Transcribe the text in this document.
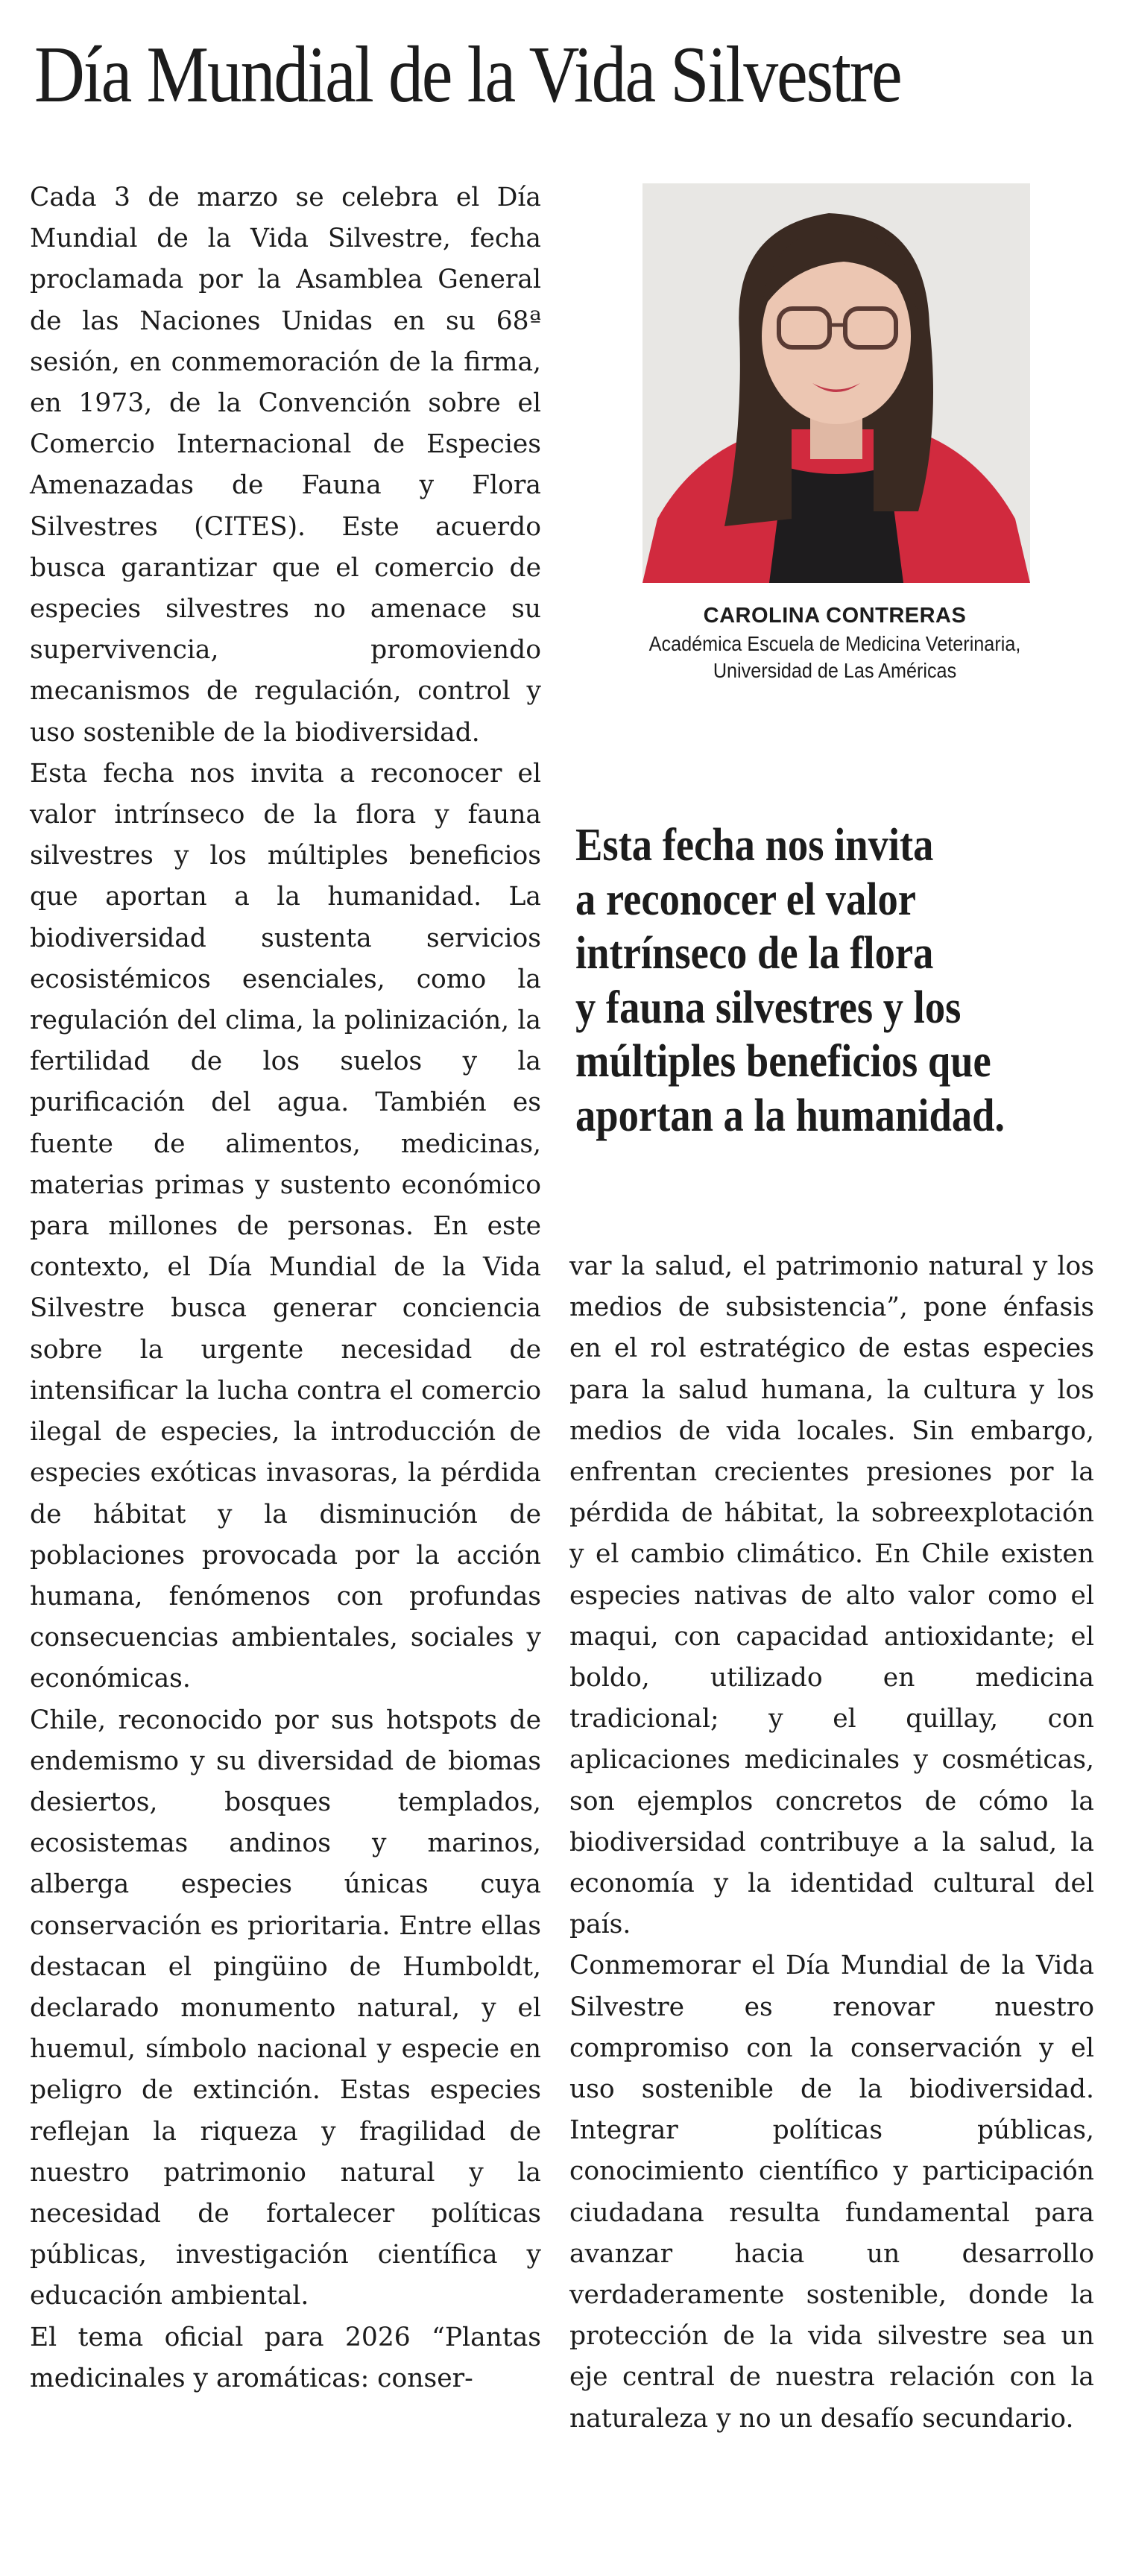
Día Mundial de la Vida Silvestre

Cada 3 de marzo se celebra el Día Mundial de la Vida Silvestre, fecha proclamada por la Asamblea General de las Naciones Unidas en su 68ª sesión, en conmemoración de la firma, en 1973, de la Convención sobre el Comercio Internacional de Especies Amenazadas de Fauna y Flora Silvestres (CITES). Este acuerdo busca garantizar que el comercio de especies silvestres no amenace su supervivencia, promoviendo mecanismos de regulación, control y uso sostenible de la biodiversidad.

Esta fecha nos invita a reconocer el valor intrínseco de la flora y fauna silvestres y los múltiples beneficios que aportan a la humanidad. La biodiversidad sustenta servicios ecosistémicos esenciales, como la regulación del clima, la polinización, la fertilidad de los suelos y la purificación del agua. También es fuente de alimentos, medicinas, materias primas y sustento económico para millones de personas. En este contexto, el Día Mundial de la Vida Silvestre busca generar conciencia sobre la urgente necesidad de intensificar la lucha contra el comercio ilegal de especies, la introducción de especies exóticas invasoras, la pérdida de hábitat y la disminución de poblaciones provocada por la acción humana, fenómenos con profundas consecuencias ambientales, sociales y económicas.

Chile, reconocido por sus hotspots de endemismo y su diversidad de biomas desiertos, bosques templados, ecosistemas andinos y marinos, alberga especies únicas cuya conservación es prioritaria. Entre ellas destacan el pingüino de Humboldt, declarado monumento natural, y el huemul, símbolo nacional y especie en peligro de extinción. Estas especies reflejan la riqueza y fragilidad de nuestro patrimonio natural y la necesidad de fortalecer políticas públicas, investigación científica y educación ambiental.

El tema oficial para 2026 “Plantas medicinales y aromáticas: conser-

CAROLINA CONTRERAS
Académica Escuela de Medicina Veterinaria,
Universidad de Las Américas
Esta fecha nos invita
a reconocer el valor
intrínseco de la flora
y fauna silvestres y los
múltiples beneficios que
aportan a la humanidad.

var la salud, el patrimonio natural y los medios de subsistencia”, pone énfasis en el rol estratégico de estas especies para la salud humana, la cultura y los medios de vida locales. Sin embargo, enfrentan crecientes presiones por la pérdida de hábitat, la sobreexplotación y el cambio climático. En Chile existen especies nativas de alto valor como el maqui, con capacidad antioxidante; el boldo, utilizado en medicina tradicional; y el quillay, con aplicaciones medicinales y cosméticas, son ejemplos concretos de cómo la biodiversidad contribuye a la salud, la economía y la identidad cultural del país.

Conmemorar el Día Mundial de la Vida Silvestre es renovar nuestro compromiso con la conservación y el uso sostenible de la biodiversidad. Integrar políticas públicas, conocimiento científico y participación ciudadana resulta fundamental para avanzar hacia un desarrollo verdaderamente sostenible, donde la protección de la vida silvestre sea un eje central de nuestra relación con la naturaleza y no un desafío secundario.
